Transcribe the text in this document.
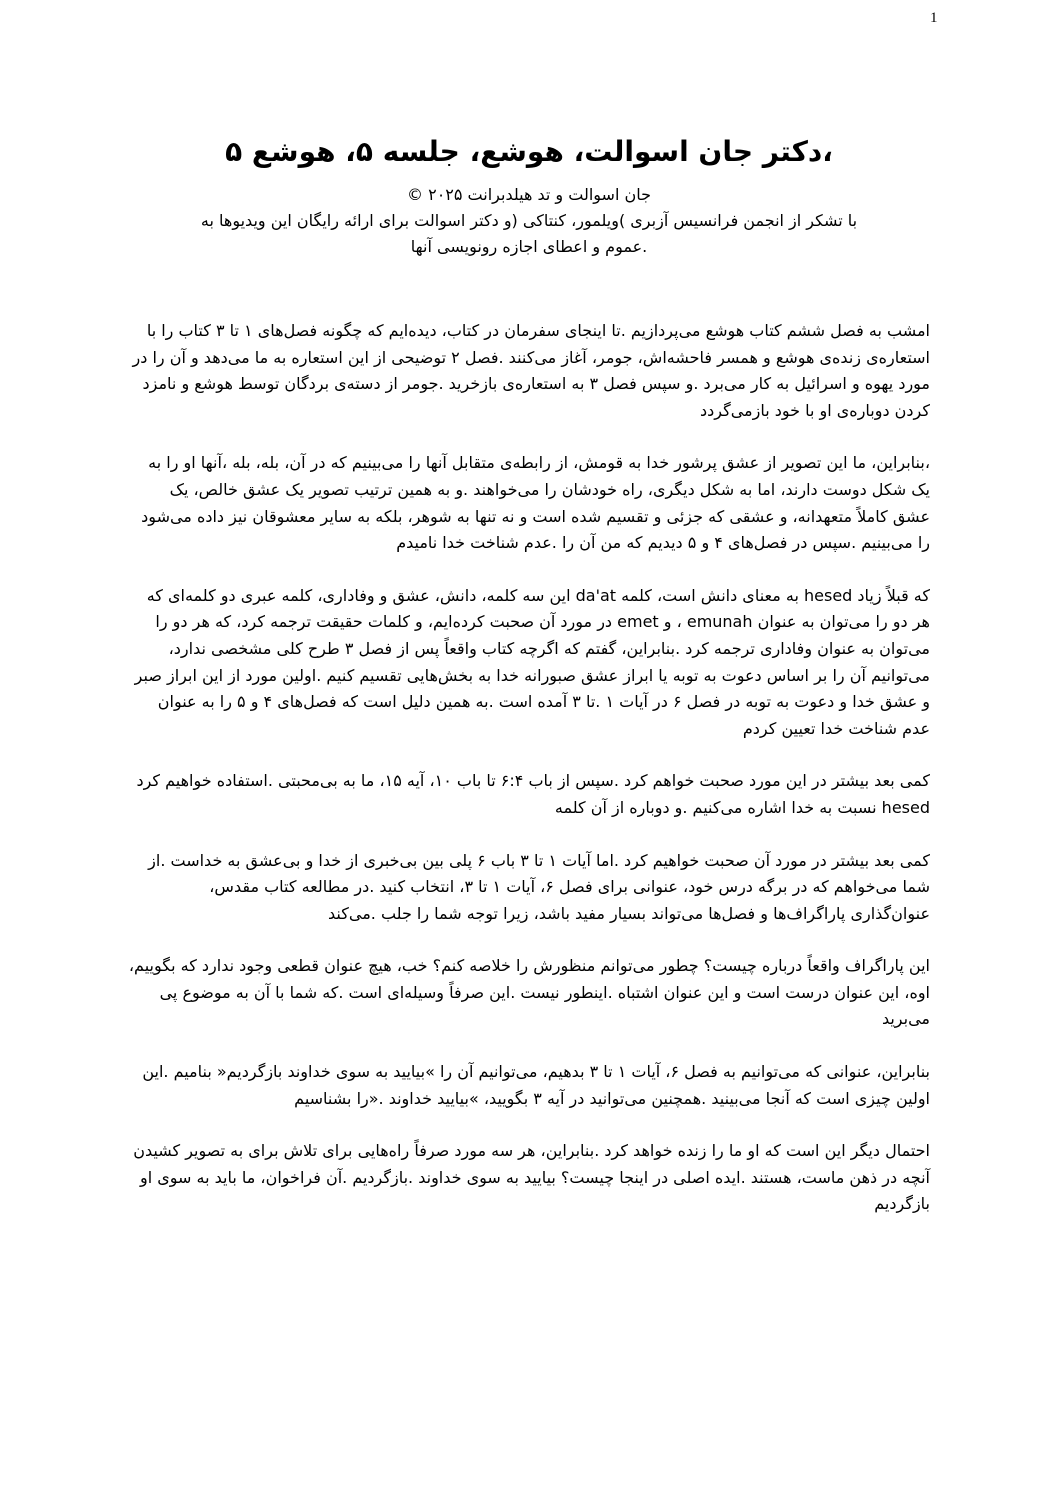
1
،دکتر جان اسوالت، هوشع، جلسه ۵، هوشع ۵

جان اسوالت و تد هیلدبرانت ۲۰۲۵ ©

با تشکر از انجمن فرانسیس آزبری )ویلمور، کنتاکی (و دکتر اسوالت برای ارائه رایگان این ویدیوها به

.عموم و اعطای اجازه رونویسی آنها

امشب به فصل ششم کتاب هوشع می‌پردازیم .تا اینجای سفرمان در کتاب، دیده‌ایم که چگونه فصل‌های ۱ تا ۳ کتاب را با استعاره‌ی زنده‌ی هوشع و همسر فاحشه‌اش، جومر، آغاز می‌کنند .فصل ۲ توضیحی از این استعاره به ما می‌دهد و آن را در مورد یهوه و اسرائیل به کار می‌برد .و سپس فصل ۳ به استعاره‌ی بازخرید .جومر از دسته‌ی بردگان توسط هوشع و نامزد کردن دوباره‌ی او با خود بازمی‌گردد

،بنابراین، ما این تصویر از عشق پرشور خدا به قومش، از رابطه‌ی متقابل آنها را می‌بینیم که در آن، بله، بله ،آنها او را به یک شکل دوست دارند، اما به شکل دیگری، راه خودشان را می‌خواهند .و به همین ترتیب تصویر یک عشق خالص، یک عشق کاملاً متعهدانه، و عشقی که جزئی و تقسیم شده است و نه تنها به شوهر، بلکه به سایر معشوقان نیز داده می‌شود را می‌بینیم .سپس در فصل‌های ۴ و ۵ دیدیم که من آن را .عدم شناخت خدا نامیدم

که قبلاً زیاد hesed به معنای دانش است، کلمه da'at این سه کلمه، دانش، عشق و وفاداری، کلمه عبری دو کلمه‌ای که هر دو را می‌توان به عنوان emunah ، و emet در مورد آن صحبت کرده‌ایم، و کلمات حقیقت ترجمه کرد، که هر دو را می‌توان به عنوان وفاداری ترجمه کرد .بنابراین، گفتم که اگرچه کتاب واقعاً پس از فصل ۳ طرح کلی مشخصی ندارد، می‌توانیم آن را بر اساس دعوت به توبه یا ابراز عشق صبورانه خدا به بخش‌هایی تقسیم کنیم .اولین مورد از این ابراز صبر و عشق خدا و دعوت به توبه در فصل ۶ در آیات ۱ .تا ۳ آمده است .به همین دلیل است که فصل‌های ۴ و ۵ را به عنوان عدم شناخت خدا تعیین کردم

کمی بعد بیشتر در این مورد صحبت خواهم کرد .سپس از باب ۶:۴ تا باب ۱۰، آیه ۱۵، ما به بی‌محبتی .استفاده خواهیم کرد hesed نسبت به خدا اشاره می‌کنیم .و دوباره از آن کلمه

کمی بعد بیشتر در مورد آن صحبت خواهیم کرد .اما آیات ۱ تا ۳ باب ۶ پلی بین بی‌خبری از خدا و بی‌عشق به خداست .از شما می‌خواهم که در برگه درس خود، عنوانی برای فصل ۶، آیات ۱ تا ۳، انتخاب کنید .در مطالعه کتاب مقدس، عنوان‌گذاری پاراگراف‌ها و فصل‌ها می‌تواند بسیار مفید باشد، زیرا توجه شما را جلب .می‌کند

این پاراگراف واقعاً درباره چیست؟ چطور می‌توانم منظورش را خلاصه کنم؟ خب، هیچ عنوان قطعی وجود ندارد که بگوییم، اوه، این عنوان درست است و این عنوان اشتباه .اینطور نیست .این صرفاً وسیله‌ای است .که شما با آن به موضوع پی می‌برید

بنابراین، عنوانی که می‌توانیم به فصل ۶، آیات ۱ تا ۳ بدهیم، می‌توانیم آن را »بیایید به سوی خداوند بازگردیم« بنامیم .این اولین چیزی است که آنجا می‌بینید .همچنین می‌توانید در آیه ۳ بگویید، »بیایید خداوند .«را بشناسیم

احتمال دیگر این است که او ما را زنده خواهد کرد .بنابراین، هر سه مورد صرفاً راه‌هایی برای تلاش برای به تصویر کشیدن آنچه در ذهن ماست، هستند .ایده اصلی در اینجا چیست؟ بیایید به سوی خداوند .بازگردیم .آن فراخوان، ما باید به سوی او بازگردیم
